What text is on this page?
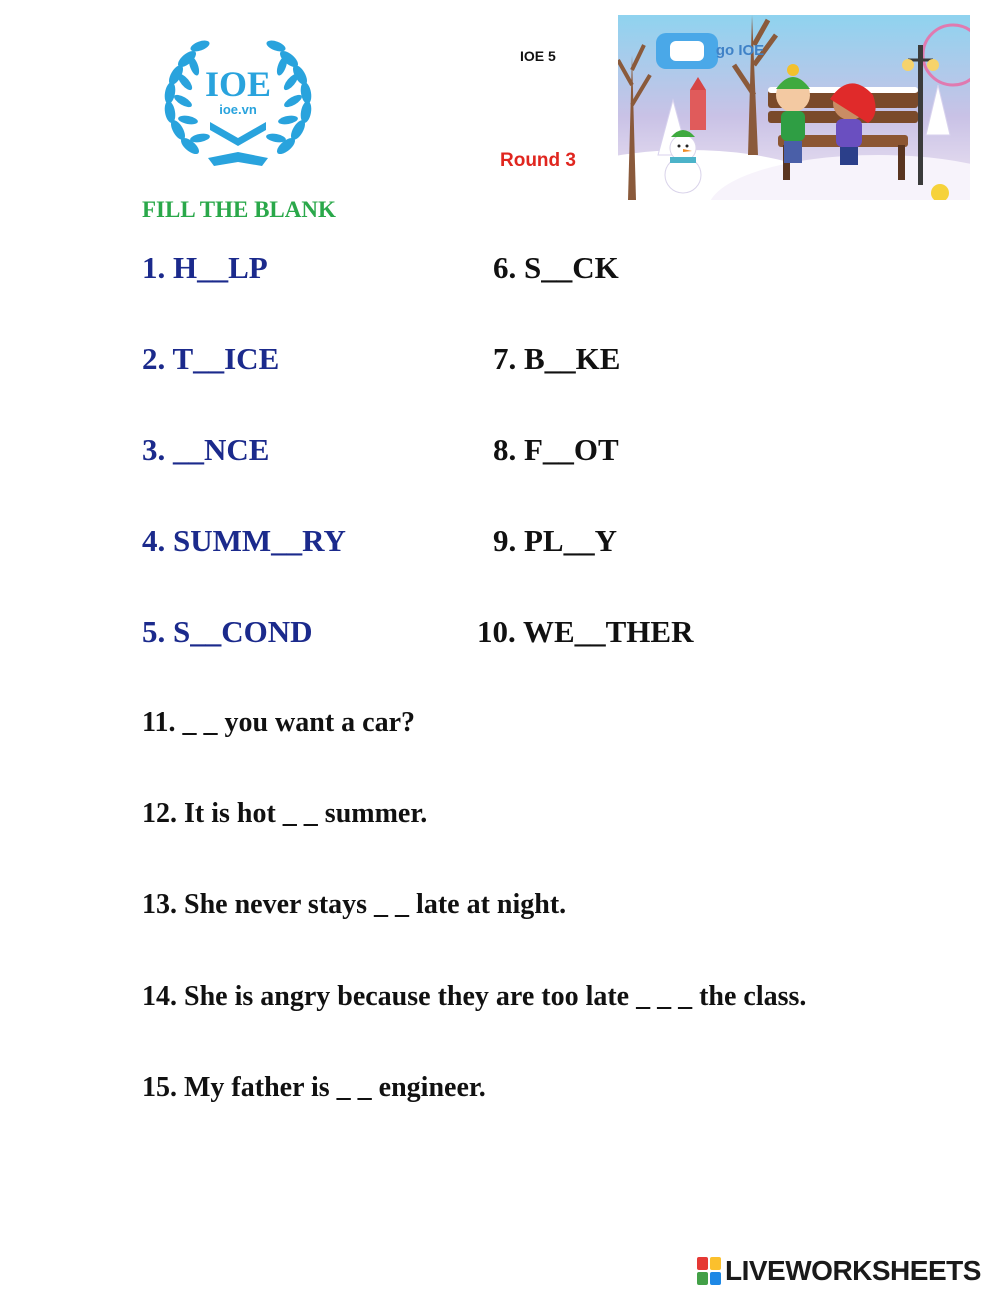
IOE
ioe.vn
IOE 5
Round 3
go IOE
FILL THE BLANK
1. H__LP
2. T__ICE
3. __NCE
4. SUMM__RY
5. S__COND
6. S__CK
7. B__KE
8. F__OT
9. PL__Y
10. WE__THER
11. _ _ you want a car?
12. It is hot _ _ summer.
13. She never stays _ _ late at night.
14. She is angry because they are too late _ _ _ the class.
15. My father is _ _ engineer.
LIVEWORKSHEETS
